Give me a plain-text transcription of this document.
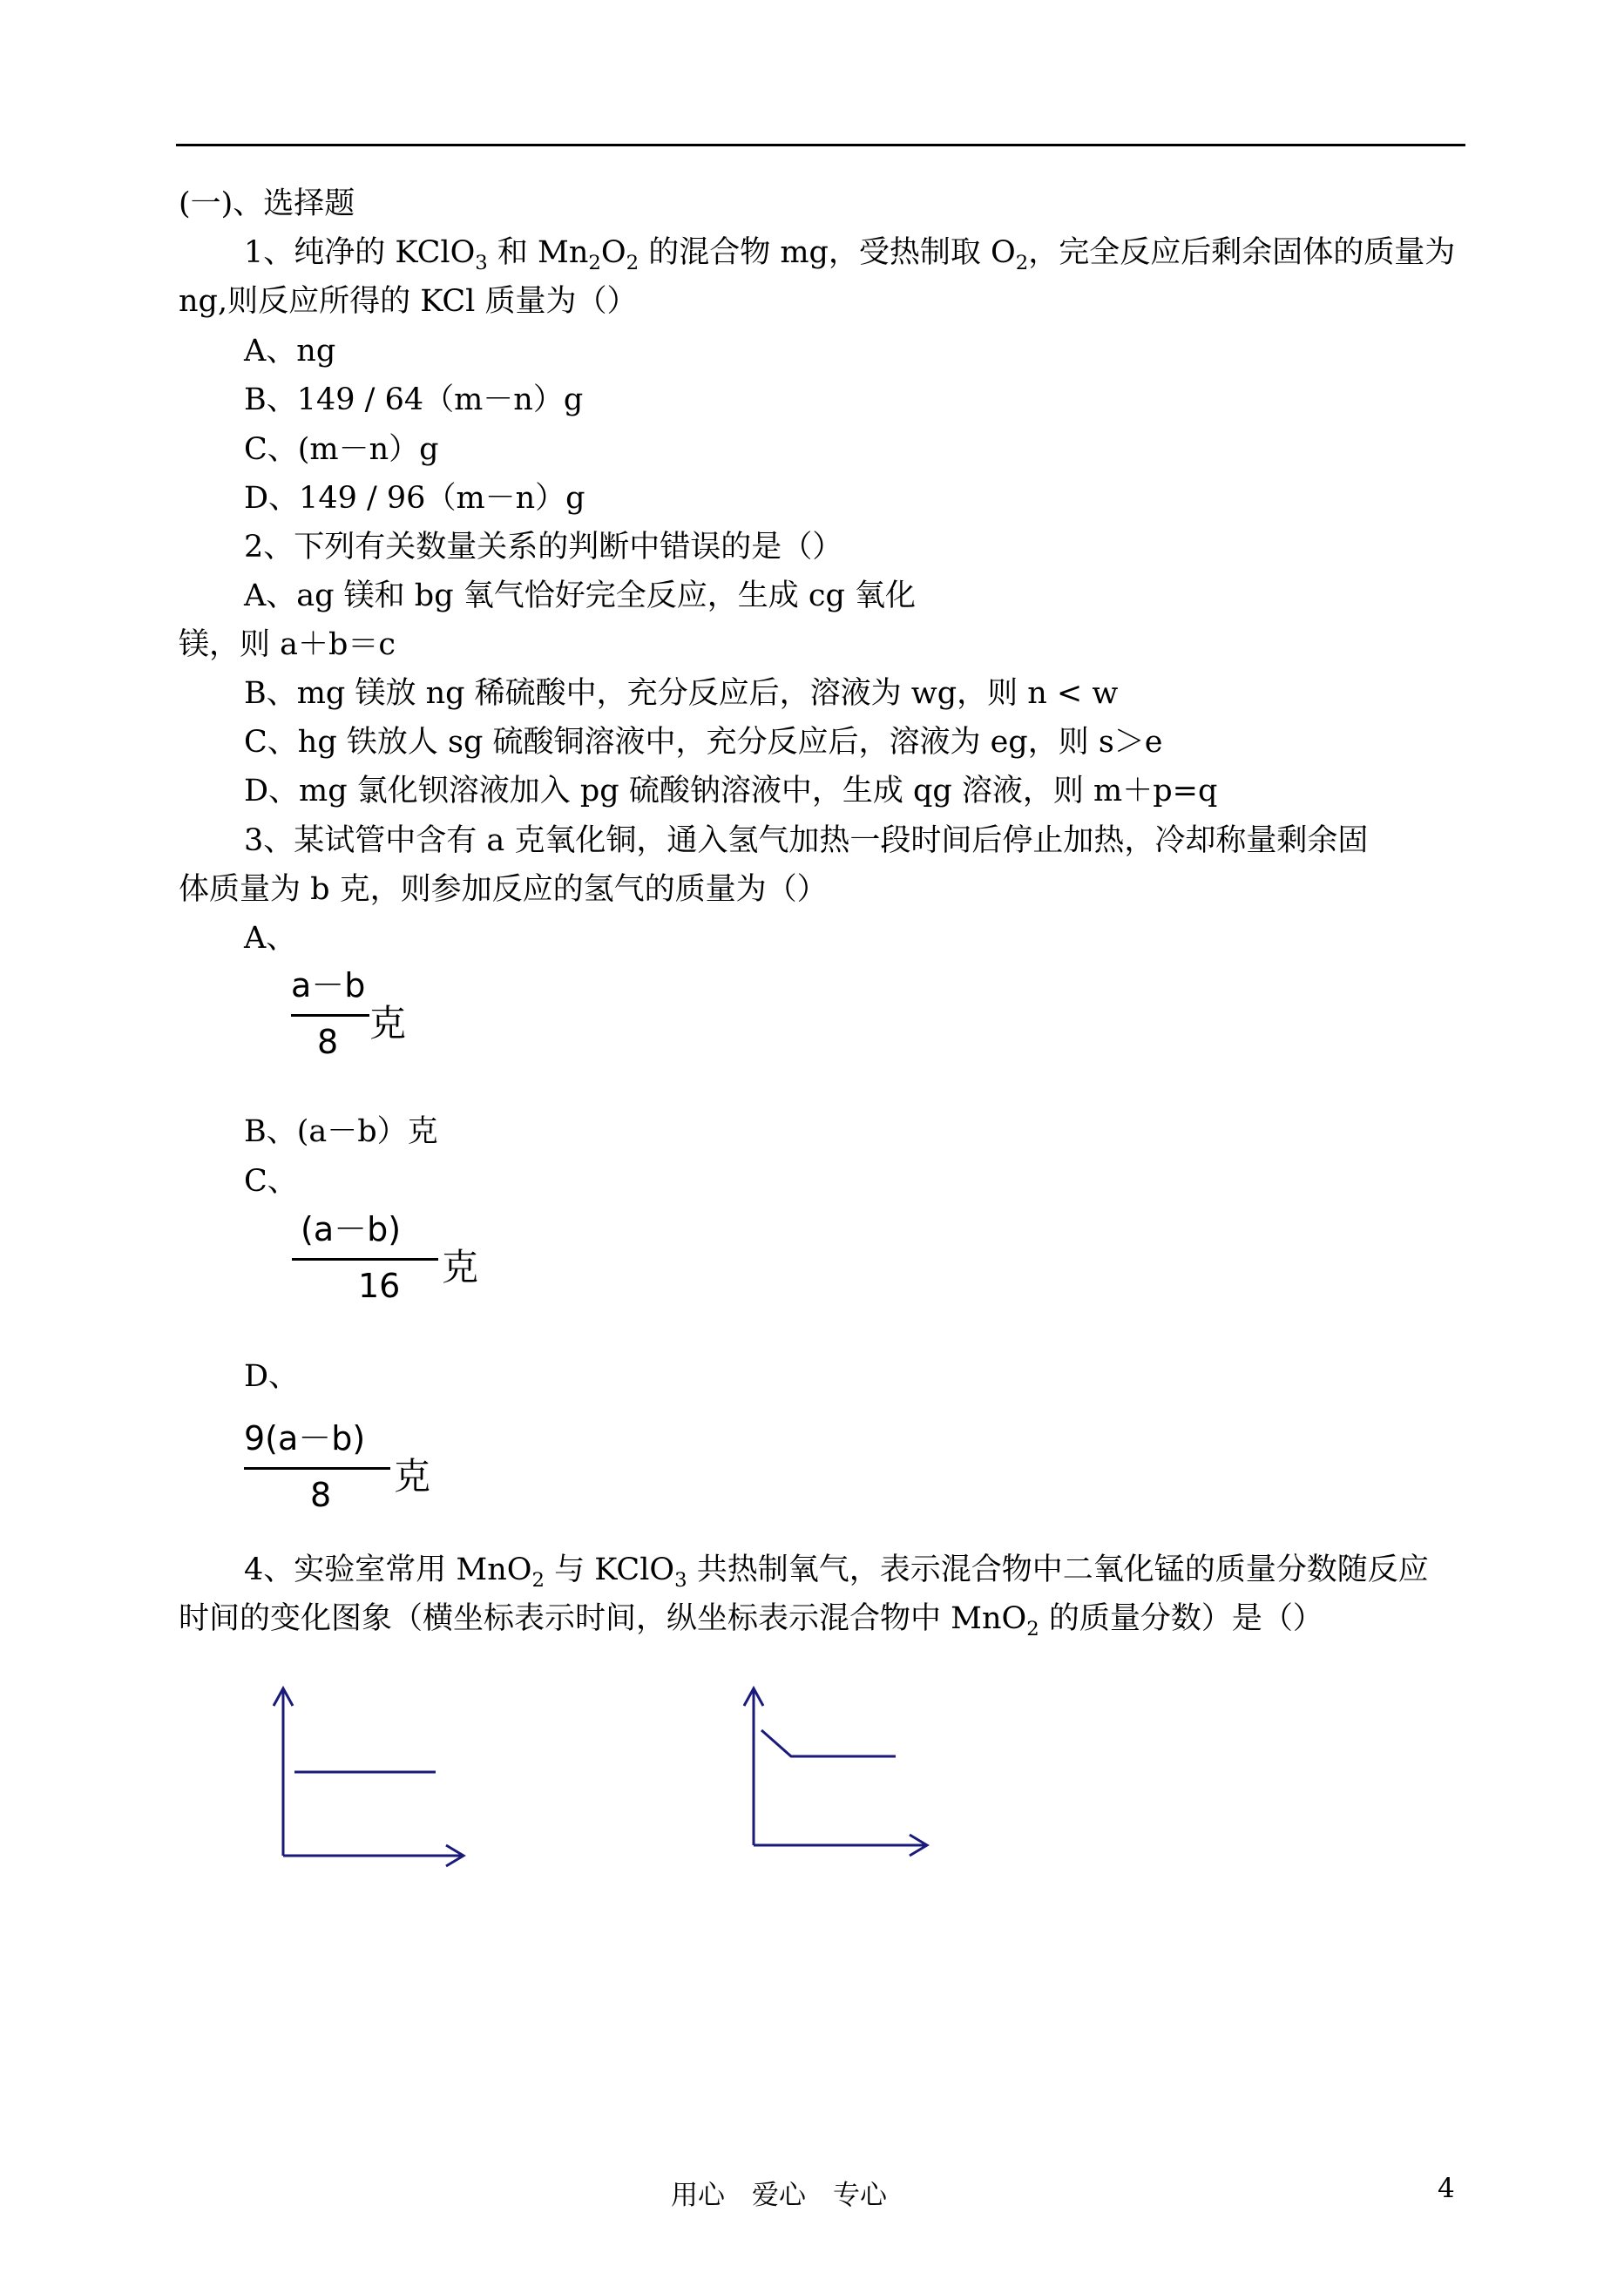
(一)、选择题
1、纯净的 KClO$_3$ 和 $Mn_2O_2$ 的混合物 mg，受热制取 $O_2$，完全反应后剩余固体的质量为
ng,则反应所得的 KCl 质量为（）
A、ng
B、149 / 64（m－n）g
C、(m－n）g
D、149 / 96（m－n）g
2、下列有关数量关系的判断中错误的是（）
A、ag 镁和 bg 氧气恰好完全反应，生成 cg 氧化
镁，则 a＋b＝c
B、mg 镁放 ng 稀硫酸中，充分反应后，溶液为 wg，则 n < w
C、hg 铁放人 sg 硫酸铜溶液中，充分反应后，溶液为 eg，则 s＞e
D、mg 氯化钡溶液加入 pg 硫酸钠溶液中，生成 qg 溶液，则 m＋p=q
3、某试管中含有 a 克氧化铜，通入氢气加热一段时间后停止加热，冷却称量剩余固
体质量为 b 克，则参加反应的氢气的质量为（）
A、
a－b
8 克
B、(a－b）克
C、
(a－b)
16 克
D、
9(a－b)
8 克
4、实验室常用 MnO$_2$ 与 KClO$_3$ 共热制氧气，表示混合物中二氧化锰的质量分数随反应
时间的变化图象（横坐标表示时间，纵坐标表示混合物中 MnO$_2$ 的质量分数）是（）
用心　爱心　专心	4
